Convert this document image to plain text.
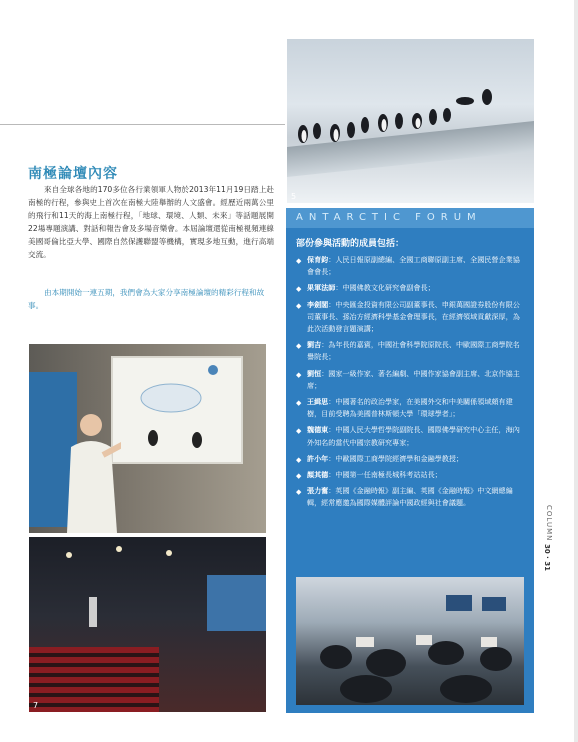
5
南極論壇內容
來自全球各地的170多位各行業領軍人物於2013年11月19日踏上赴南極的行程，參與史上首次在南極大陸舉辦的人文盛會。經歷近兩萬公里的飛行和11天的海上南極行程，「地球、環境、人類、未來」等話題展開22場專題演講、對話和報告會及多場音樂會。本屆論壇還從南極視頻連線美國哥倫比亞大學、國際自然保護聯盟等機構，實現多地互動，進行高端交流。
由本期開始一連五期，我們會為大家分享南極論壇的精彩行程和故事。
ANTARCTIC FORUM
部份參與活動的成員包括：
◆ 保育鈞：人民日報原副總編、全國工商聯原副主席、全國民營企業協會會長；
◆ 果軍法師：中國佛教文化研究會副會長；
◆ 李劍閣：中央匯金投資有限公司副董事長、申銀萬國證券股份有限公司董事長、孫冶方經濟科學基金會理事長，在經濟領域貢獻深厚，為此次活動發言題演講；
◆ 劉吉：為年長的嘉賓，中國社會科學院原院長、中歐國際工商學院名譽院長；
◆ 劉恒：國家一級作家、著名編劇、中國作家協會副主席、北京作協主席；
◆ 王緝思：中國著名的政治學家，在美國外交和中美關係領域頗有建樹，目前受聘為美國普林斯頓大學「環球學者」；
◆ 魏德東：中國人民大學哲學院副院長、國際佛學研究中心主任，海內外知名的當代中國宗教研究專家；
◆ 許小年：中歐國際工商學院經濟學和金融學教授；
◆ 顏其德：中國第一任南極長城科考站站長；
◆ 張力奮：英國《金融時報》副主編、英國《金融時報》中文網總編輯，經常應邀為國際媒體評論中國政經與社會議題。
7
COLUMN
30 · 31
